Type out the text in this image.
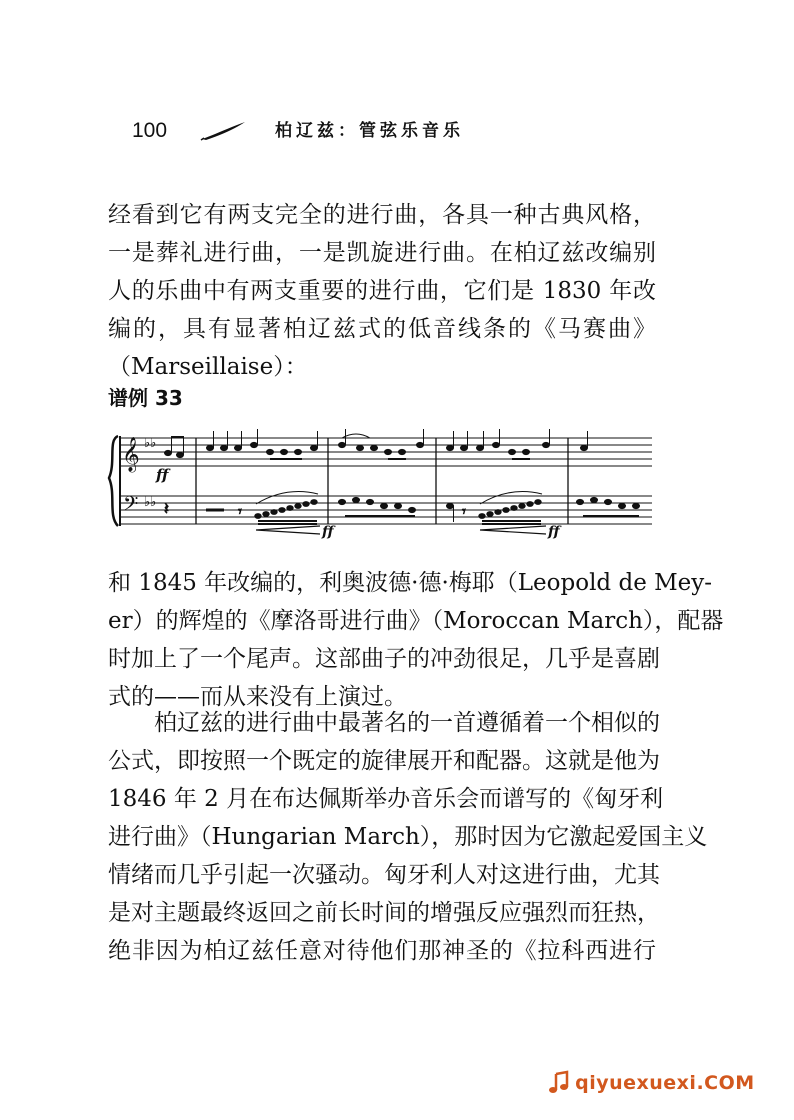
100	柏辽兹：管弦乐音乐
经看到它有两支完全的进行曲，各具一种古典风格，
一是葬礼进行曲，一是凯旋进行曲。在柏辽兹改编别
人的乐曲中有两支重要的进行曲，它们是 1830 年改
编的，具有显著柏辽兹式的低音线条的《马赛曲》
（Marseillaise）：
谱例 33
𝄞
𝄢
♭♭
♭♭
ff
𝄽	𝄾	𝄾
ff	ff
和 1845 年改编的，利奥波德·德·梅耶（Leopold de Mey-
er）的辉煌的《摩洛哥进行曲》（Moroccan March），配器
时加上了一个尾声。这部曲子的冲劲很足，几乎是喜剧
式的——而从来没有上演过。
柏辽兹的进行曲中最著名的一首遵循着一个相似的
公式，即按照一个既定的旋律展开和配器。这就是他为
1846 年 2 月在布达佩斯举办音乐会而谱写的《匈牙利
进行曲》（Hungarian March），那时因为它激起爱国主义
情绪而几乎引起一次骚动。匈牙利人对这进行曲，尤其
是对主题最终返回之前长时间的增强反应强烈而狂热，
绝非因为柏辽兹任意对待他们那神圣的《拉科西进行
qiyuexuexi.COM
